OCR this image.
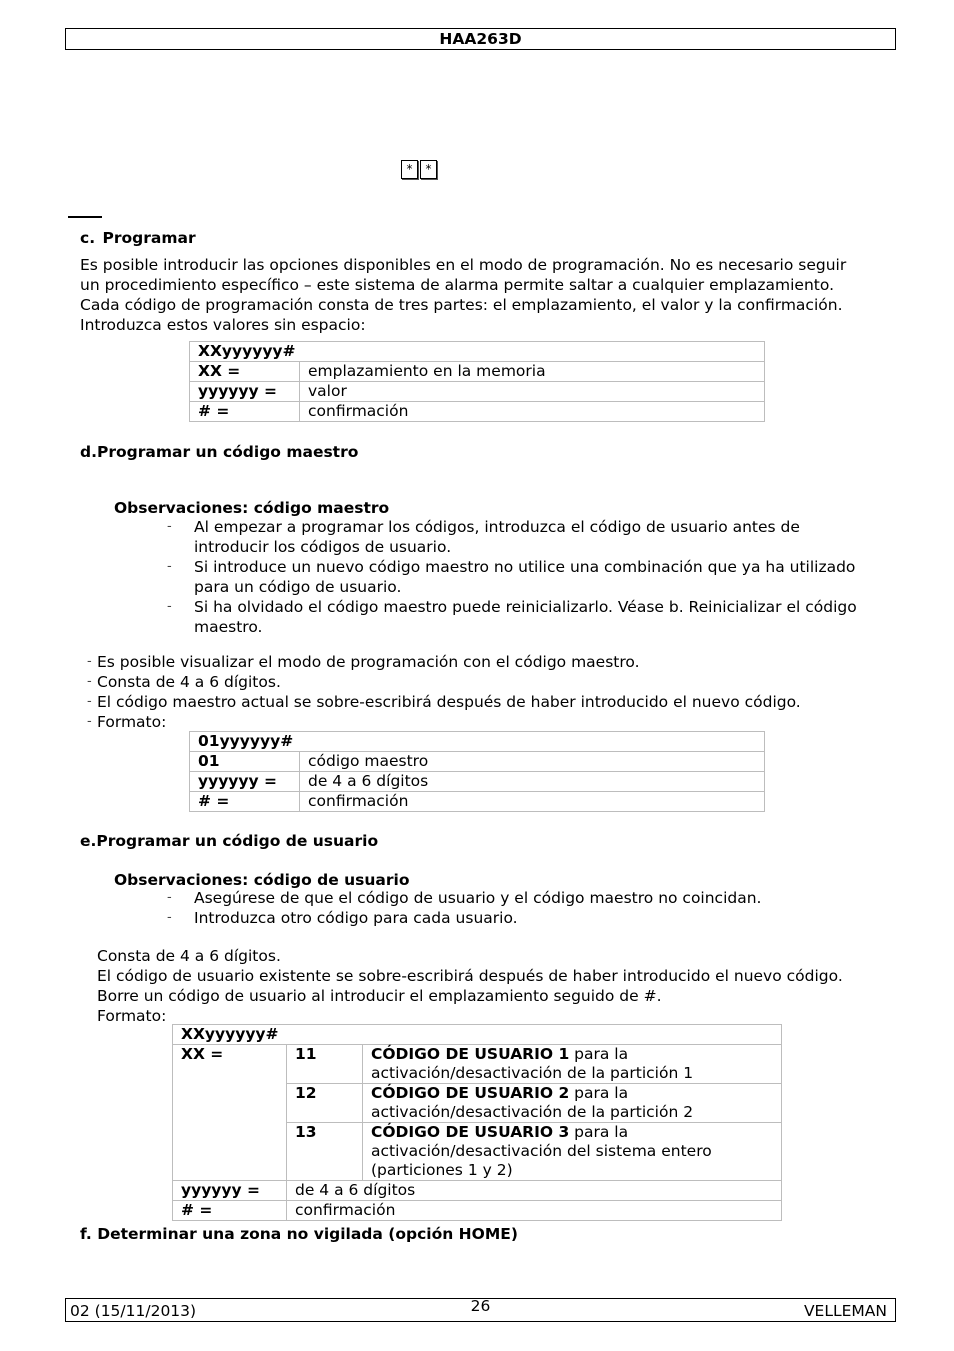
HAA263D
*	*
c. Programar
Es posible introducir las opciones disponibles en el modo de programación. No es necesario seguir
un procedimiento específico – este sistema de alarma permite saltar a cualquier emplazamiento.
Cada código de programación consta de tres partes: el emplazamiento, el valor y la confirmación.
Introduzca estos valores sin espacio:
XXyyyyyy#	
XX =	emplazamiento en la memoria
yyyyyy =	valor
# =	confirmación
d.Programar un código maestro
Observaciones: código maestro
- Al empezar a programar los códigos, introduzca el código de usuario antes de
introducir los códigos de usuario.
- Si introduce un nuevo código maestro no utilice una combinación que ya ha utilizado
para un código de usuario.
- Si ha olvidado el código maestro puede reinicializarlo. Véase b. Reinicializar el código
maestro.
- Es posible visualizar el modo de programación con el código maestro.
- Consta de 4 a 6 dígitos.
- El código maestro actual se sobre-escribirá después de haber introducido el nuevo código.
- Formato:
01yyyyyy#	
01	código maestro
yyyyyy =	de 4 a 6 dígitos
# =	confirmación
e.Programar un código de usuario
Observaciones: código de usuario
- Asegúrese de que el código de usuario y el código maestro no coincidan.
- Introduzca otro código para cada usuario.
Consta de 4 a 6 dígitos.
El código de usuario existente se sobre-escribirá después de haber introducido el nuevo código.
Borre un código de usuario al introducir el emplazamiento seguido de #.
Formato:
XXyyyyyy#		
XX =	11	CÓDIGO DE USUARIO 1 para la
activación/desactivación de la partición 1
	12	CÓDIGO DE USUARIO 2 para la
activación/desactivación de la partición 2
	13	CÓDIGO DE USUARIO 3 para la
activación/desactivación del sistema entero
(particiones 1 y 2)
yyyyyy =	de 4 a 6 dígitos	
# =	confirmación	
f. Determinar una zona no vigilada (opción HOME)
02 (15/11/2013)	26	VELLEMAN
